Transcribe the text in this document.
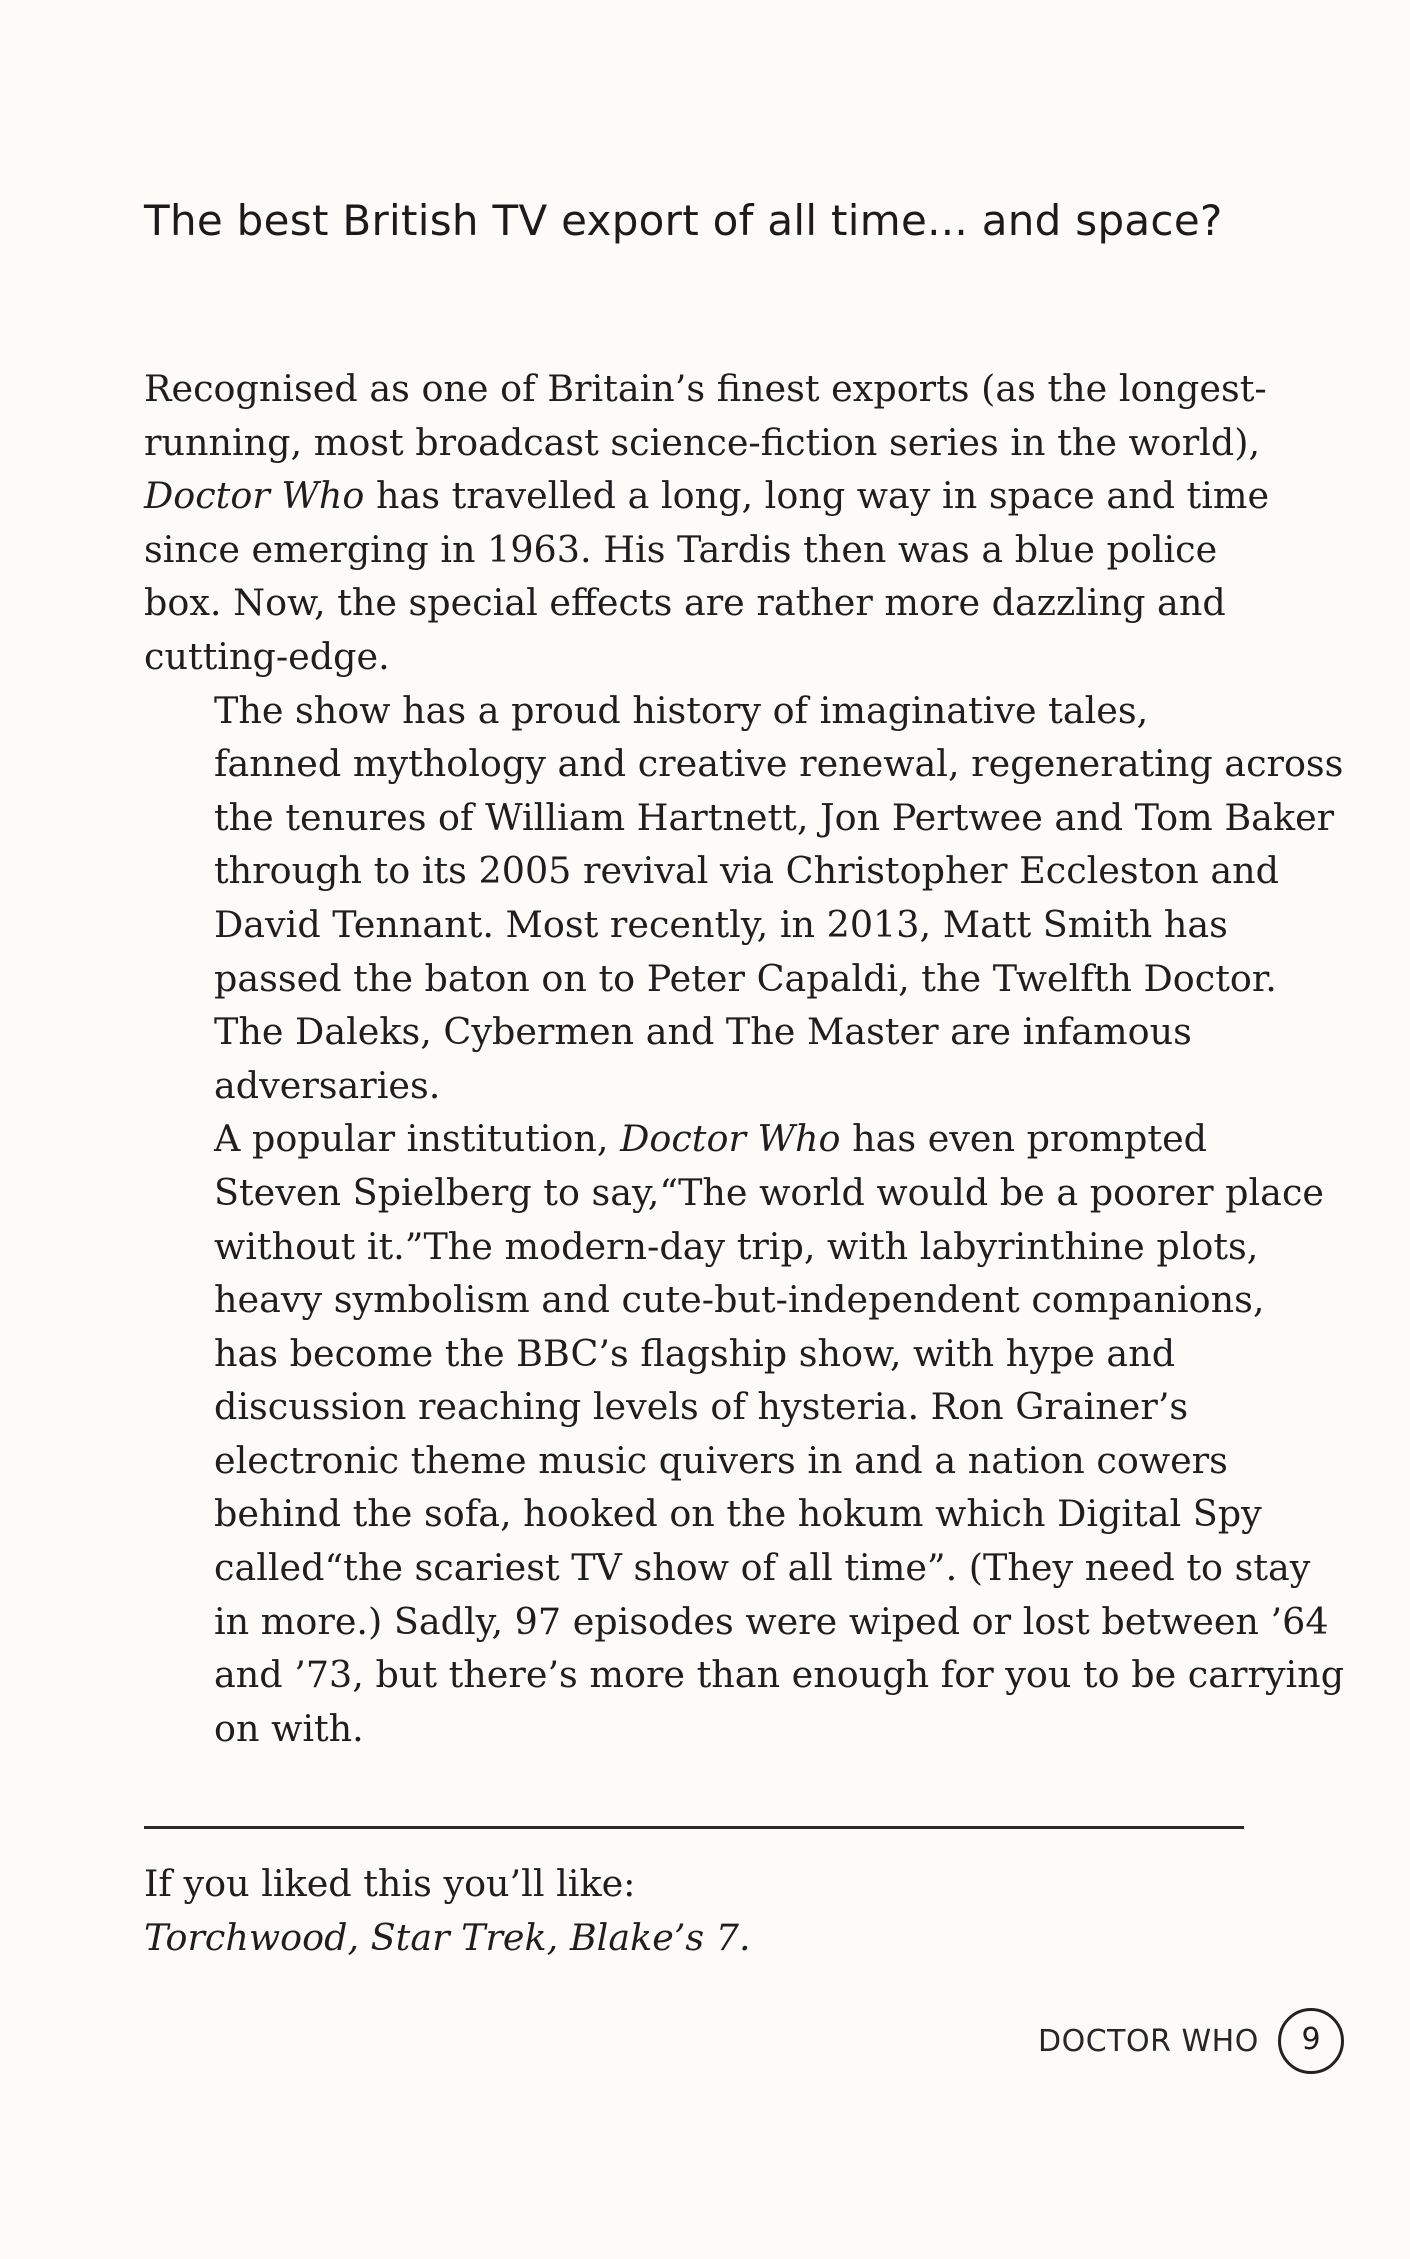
The best British TV export of all time... and space?

Recognised as one of Britain’s finest exports (as the longest-
running, most broadcast science-fiction series in the world),
Doctor Who has travelled a long, long way in space and time
since emerging in 1963. His Tardis then was a blue police
box. Now, the special effects are rather more dazzling and
cutting-edge.

The show has a proud history of imaginative tales,
fanned mythology and creative renewal, regenerating across
the tenures of William Hartnett, Jon Pertwee and Tom Baker
through to its 2005 revival via Christopher Eccleston and
David Tennant. Most recently, in 2013, Matt Smith has
passed the baton on to Peter Capaldi, the Twelfth Doctor.
The Daleks, Cybermen and The Master are infamous
adversaries.

A popular institution, Doctor Who has even prompted
Steven Spielberg to say,“The world would be a poorer place
without it.”The modern-day trip, with labyrinthine plots,
heavy symbolism and cute-but-independent companions,
has become the BBC’s flagship show, with hype and
discussion reaching levels of hysteria. Ron Grainer’s
electronic theme music quivers in and a nation cowers
behind the sofa, hooked on the hokum which Digital Spy
called“the scariest TV show of all time”. (They need to stay
in more.) Sadly, 97 episodes were wiped or lost between ’64
and ’73, but there’s more than enough for you to be carrying
on with.

If you liked this you’ll like:
Torchwood, Star Trek, Blake’s 7.
DOCTOR WHO	9
